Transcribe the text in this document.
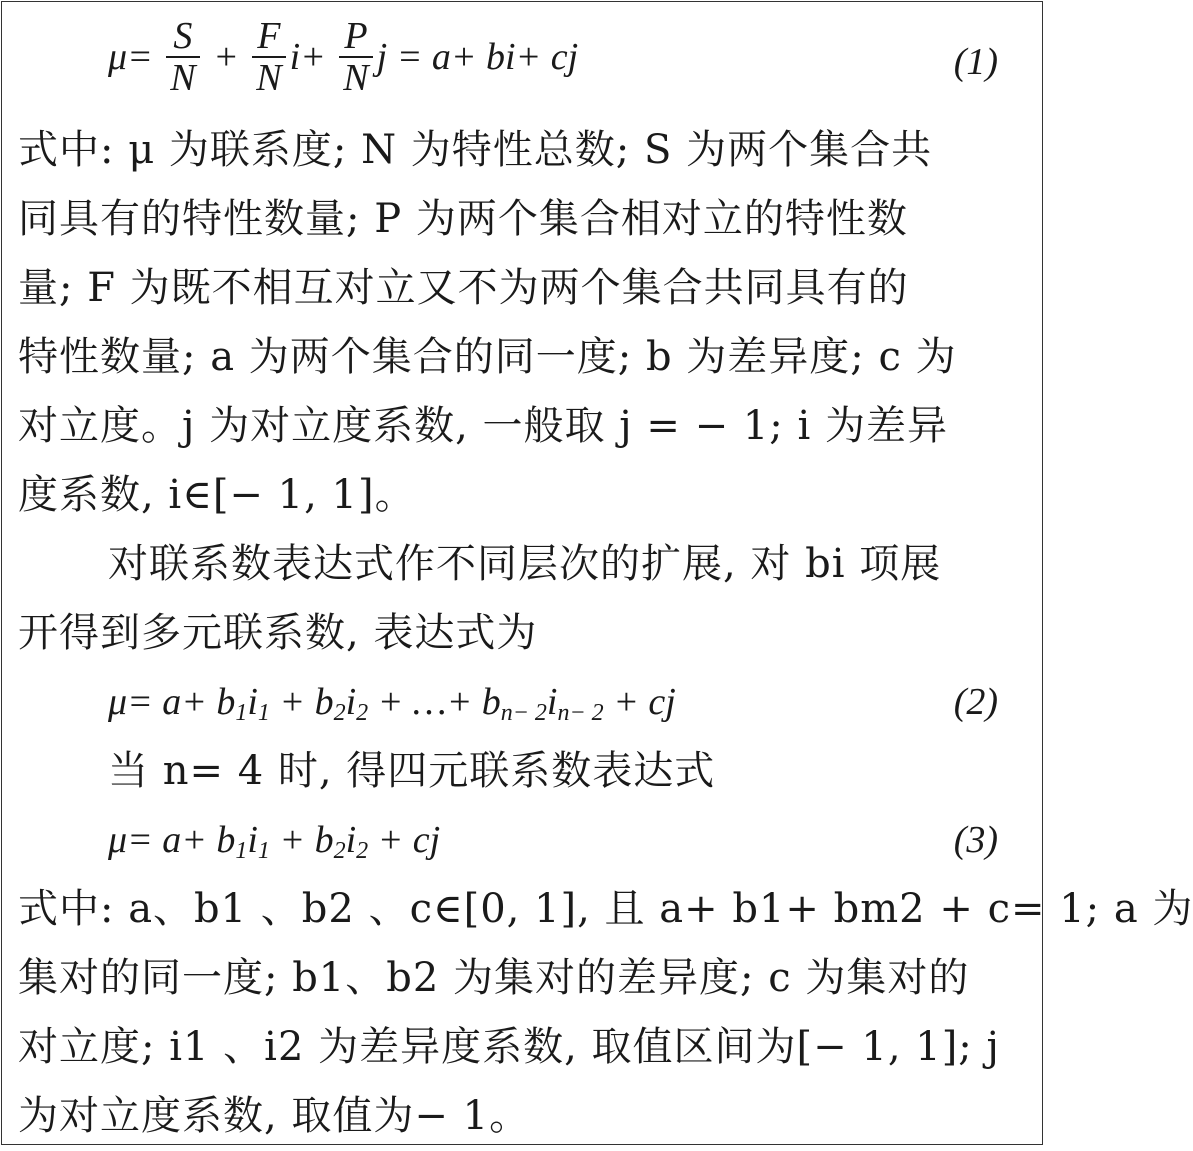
$\mu= \frac{S}{N} + \frac{F}{N} i+ \frac{P}{N}$ j = a+ bi+ cj	(1)
式中: μ 为联系度; N 为特性总数; S 为两个集合共
同具有的特性数量; P 为两个集合相对立的特性数
量; F 为既不相互对立又不为两个集合共同具有的
特性数量; a 为两个集合的同一度; b 为差异度; c 为
对立度。j 为对立度系数, 一般取 j = − 1; i 为差异
度系数, i∈[− 1, 1]。
对联系数表达式作不同层次的扩展, 对 bi 项展
开得到多元联系数, 表达式为
$\mu= a+ b_1i_1 + b_2i_2$ + …+ $b_{n- 2}i_{n- 2}$ + cj	(2)
当 n= 4 时, 得四元联系数表达式
$\mu= a+ b_1i_1 + b_2i_2$ + cj	(3)
式中: a、b1 、b2 、c∈[0, 1], 且 a+ b1+ bm2 + c= 1; a 为
集对的同一度; b1、b2 为集对的差异度; c 为集对的
对立度; i1 、i2 为差异度系数, 取值区间为[− 1, 1]; j
为对立度系数, 取值为− 1。
